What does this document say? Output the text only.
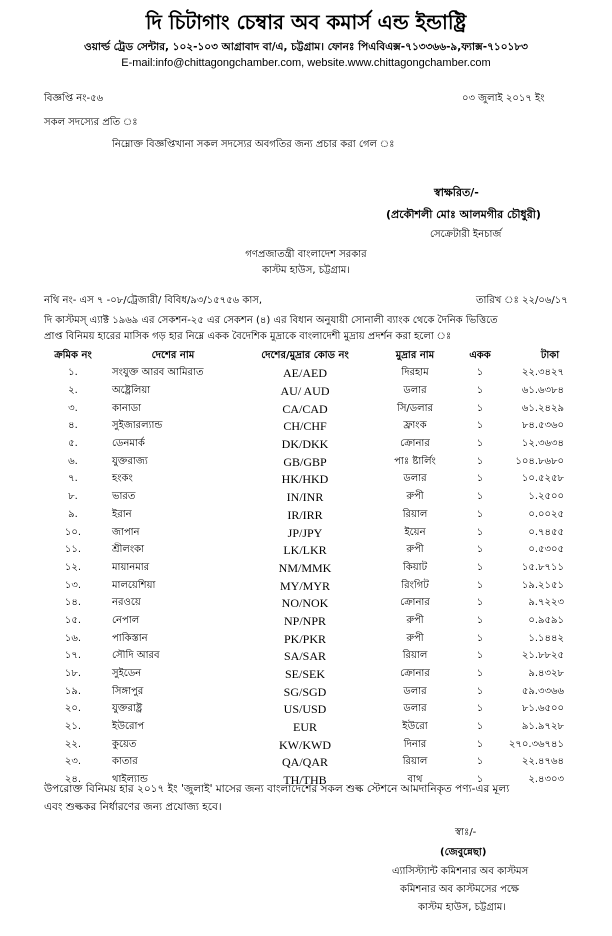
দি চিটাগাং চেম্বার অব কমার্স এন্ড ইন্ডাষ্ট্রি
ওয়ার্ল্ড ট্রেড সেন্টার, ১০২-১০৩ আগ্রাবাদ বা/এ, চট্টগ্রাম। ফোনঃ পিএবিএক্স-৭১৩৩৬৬-৯,ফ্যাক্স-৭১০১৮৩
E-mail:info@chittagongchamber.com, website.www.chittagongchamber.com
বিজ্ঞপ্তি নং-৫৬	০৩ জুলাই ২০১৭ ইং
সকল সদস্যের প্রতি ঃ
নিম্নোক্ত বিজ্ঞপ্তিখানা সকল সদস্যের অবগতির জন্য প্রচার করা গেল ঃ
স্বাক্ষরিত/-
(প্রকৌশলী মোঃ আলমগীর চৌধুরী)
সেক্রেটারী ইনচার্জ
গণপ্রজাতন্ত্রী বাংলাদেশ সরকার
কাস্টম হাউস, চট্টগ্রাম।
নথি নং- এস ৭ -০৮/ট্রেজারী/ বিবিধ/৯৩/১৫৭৫৬ কাস,	তারিখ ঃ ২২/০৬/১৭
দি কাস্টমস্ এ্যাক্ট ১৯৬৯ এর সেকশন-২৫ এর সেকশন (৪) এর বিধান অনুযায়ী সোনালী ব্যাংক থেকে দৈনিক ভিত্তিতে
প্রাপ্ত বিনিময় হারের মাসিক গড় হার নিম্নে একক বৈদেশিক মুদ্রাকে বাংলাদেশী মুদ্রায় প্রদর্শন করা হলো ঃ
ক্রমিক নং	দেশের নাম	দেশের/মুদ্রার কোড নং	মুদ্রার নাম	একক	টাকা
১.	সংযুক্ত আরব আমিরাত	AE/AED	দিরহাম	১	২২.৩৪২৭
২.	অষ্ট্রেলিয়া	AU/ AUD	ডলার	১	৬১.৬৩৮৪
৩.	কানাডা	CA/CAD	সি/ডলার	১	৬১.২৪২৯
৪.	সুইজারল্যান্ড	CH/CHF	ফ্রাংক	১	৮৪.৫৩৬০
৫.	ডেনমার্ক	DK/DKK	ক্রোনার	১	১২.৩৬৩৪
৬.	যুক্তরাজ্য	GB/GBP	পাঃ ষ্টার্লিং	১	১০৪.৮৬৮০
৭.	হংকং	HK/HKD	ডলার	১	১০.৫২৫৮
৮.	ভারত	IN/INR	রুপী	১	১.২৫০০
৯.	ইরান	IR/IRR	রিয়াল	১	০.০০২৫
১০.	জাপান	JP/JPY	ইয়েন	১	০.৭৪৫৫
১১.	শ্রীলংকা	LK/LKR	রুপী	১	০.৫৩০৫
১২.	মায়ানমার	NM/MMK	কিয়াট	১	১৫.৮৭১১
১৩.	মালয়েশিয়া	MY/MYR	রিংগিট	১	১৯.২১৫১
১৪.	নরওয়ে	NO/NOK	ক্রোনার	১	৯.৭২২৩
১৫.	নেপাল	NP/NPR	রুপী	১	০.৯৫৯১
১৬.	পাকিস্তান	PK/PKR	রুপী	১	১.১৪৪২
১৭.	সৌদি আরব	SA/SAR	রিয়াল	১	২১.৮৮২৫
১৮.	সুইডেন	SE/SEK	ক্রোনার	১	৯.৪৩২৮
১৯.	সিঙ্গাপুর	SG/SGD	ডলার	১	৫৯.৩৩৬৬
২০.	যুক্তরাষ্ট্র	US/USD	ডলার	১	৮১.৬৫০০
২১.	ইউরোপ	EUR	ইউরো	১	৯১.৯৭২৮
২২.	কুয়েত	KW/KWD	দিনার	১	২৭০.৩৬৭৪১
২৩.	কাতার	QA/QAR	রিয়াল	১	২২.৪৭৬৪
২৪.	থাইল্যান্ড	TH/THB	বাথ	১	২.৪৩০৩
উপরোক্ত বিনিময় হার ২০১৭ ইং 'জুলাই' মাসের জন্য বাংলাদেশের সকল শুল্ক স্টেশনে আমদানিকৃত পণ্য-এর মূল্য
এবং শুল্ককর নির্ধারণের জন্য প্রযোজ্য হবে।
স্বাঃ/-
(জেবুন্নেছা)
এ্যাসিস্ট্যান্ট কমিশনার অব কাস্টমস
কমিশনার অব কাস্টমসের পক্ষে
কাস্টম হাউস, চট্টগ্রাম।
